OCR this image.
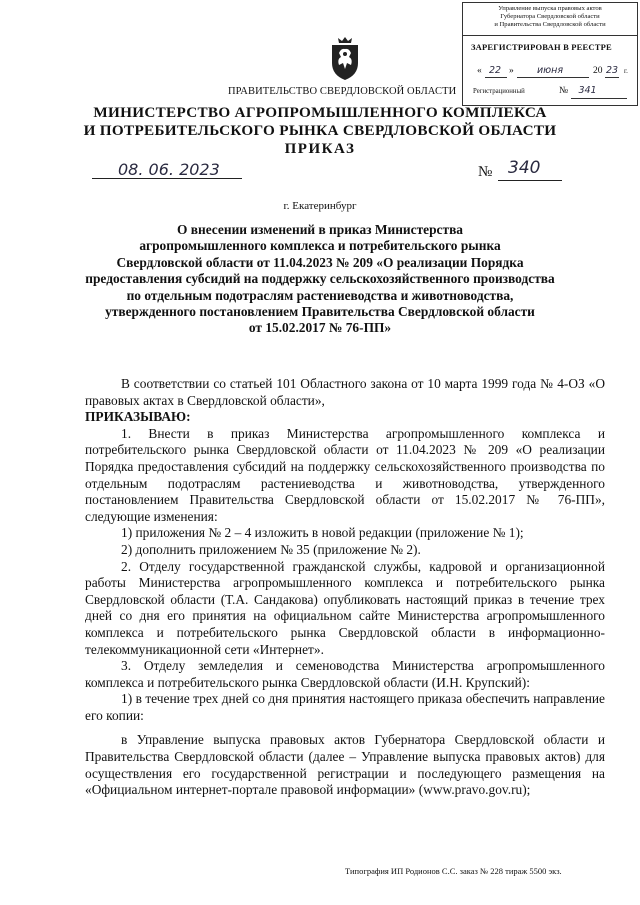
Управление выпуска правовых актов
Губернатора Свердловской области
и Правительства Свердловской области
ЗАРЕГИСТРИРОВАН В РЕЕСТРЕ
« 22 » июня	20 23 г.
Регистрационный	№ 341
ПРАВИТЕЛЬСТВО СВЕРДЛОВСКОЙ ОБЛАСТИ
МИНИСТЕРСТВО АГРОПРОМЫШЛЕННОГО КОМПЛЕКСА
И ПОТРЕБИТЕЛЬСКОГО РЫНКА СВЕРДЛОВСКОЙ ОБЛАСТИ
ПРИКАЗ
08. 06. 2023	№ 340
г. Екатеринбург
О внесении изменений в приказ Министерства
агропромышленного комплекса и потребительского рынка
Свердловской области от 11.04.2023 № 209 «О реализации Порядка
предоставления субсидий на поддержку сельскохозяйственного производства
по отдельным подотраслям растениеводства и животноводства,
утвержденного постановлением Правительства Свердловской области
от 15.02.2017 № 76-ПП»

В соответствии со статьей 101 Областного закона от 10 марта 1999 года № 4-ОЗ «О правовых актах в Свердловской области»,

ПРИКАЗЫВАЮ:

1. Внести в приказ Министерства агропромышленного комплекса и потребительского рынка Свердловской области от 11.04.2023 № 209 «О реализации Порядка предоставления субсидий на поддержку сельскохозяйственного производства по отдельным подотраслям растениеводства и животноводства, утвержденного постановлением Правительства Свердловской области от 15.02.2017 № 76-ПП», следующие изменения:

1) приложения № 2 – 4 изложить в новой редакции (приложение № 1);

2) дополнить приложением № 35 (приложение № 2).

2. Отделу государственной гражданской службы, кадровой и организационной работы Министерства агропромышленного комплекса и потребительского рынка Свердловской области (Т.А. Сандакова) опубликовать настоящий приказ в течение трех дней со дня его принятия на официальном сайте Министерства агропромышленного комплекса и потребительского рынка Свердловской области в информационно-телекоммуникационной сети «Интернет».

3. Отделу земледелия и семеноводства Министерства агропромышленного комплекса и потребительского рынка Свердловской области (И.Н. Крупский):

1) в течение трех дней со дня принятия настоящего приказа обеспечить направление его копии:

в Управление выпуска правовых актов Губернатора Свердловской области и Правительства Свердловской области (далее – Управление выпуска правовых актов) для осуществления его государственной регистрации и последующего размещения на «Официальном интернет-портале правовой информации» (www.pravo.gov.ru);

Типография ИП Родионов С.С. заказ № 228 тираж 5500 экз.
